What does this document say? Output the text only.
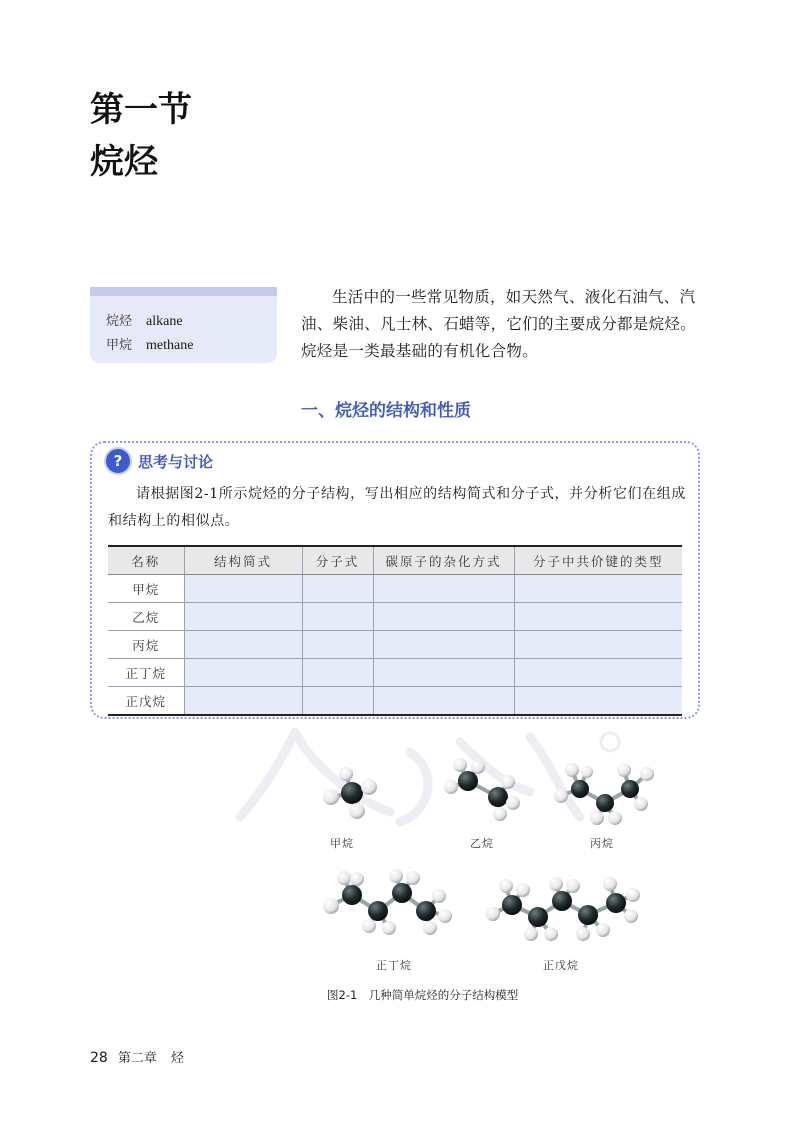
第一节
烷烃
烷烃 alkane
甲烷 methane

生活中的一些常见物质，如天然气、液化石油气、汽油、柴油、凡士林、石蜡等，它们的主要成分都是烷烃。烷烃是一类最基础的有机化合物。

一、烷烃的结构和性质
?	思考与讨论

请根据图2-1所示烷烃的分子结构，写出相应的结构简式和分子式，并分析它们在组成和结构上的相似点。

名称	结构简式	分子式	碳原子的杂化方式	分子中共价键的类型
甲烷				
乙烷				
丙烷				
正丁烷				
正戊烷				
甲烷	乙烷	丙烷
正丁烷	正戊烷
图2-1　几种简单烷烃的分子结构模型
28 第二章 烃
